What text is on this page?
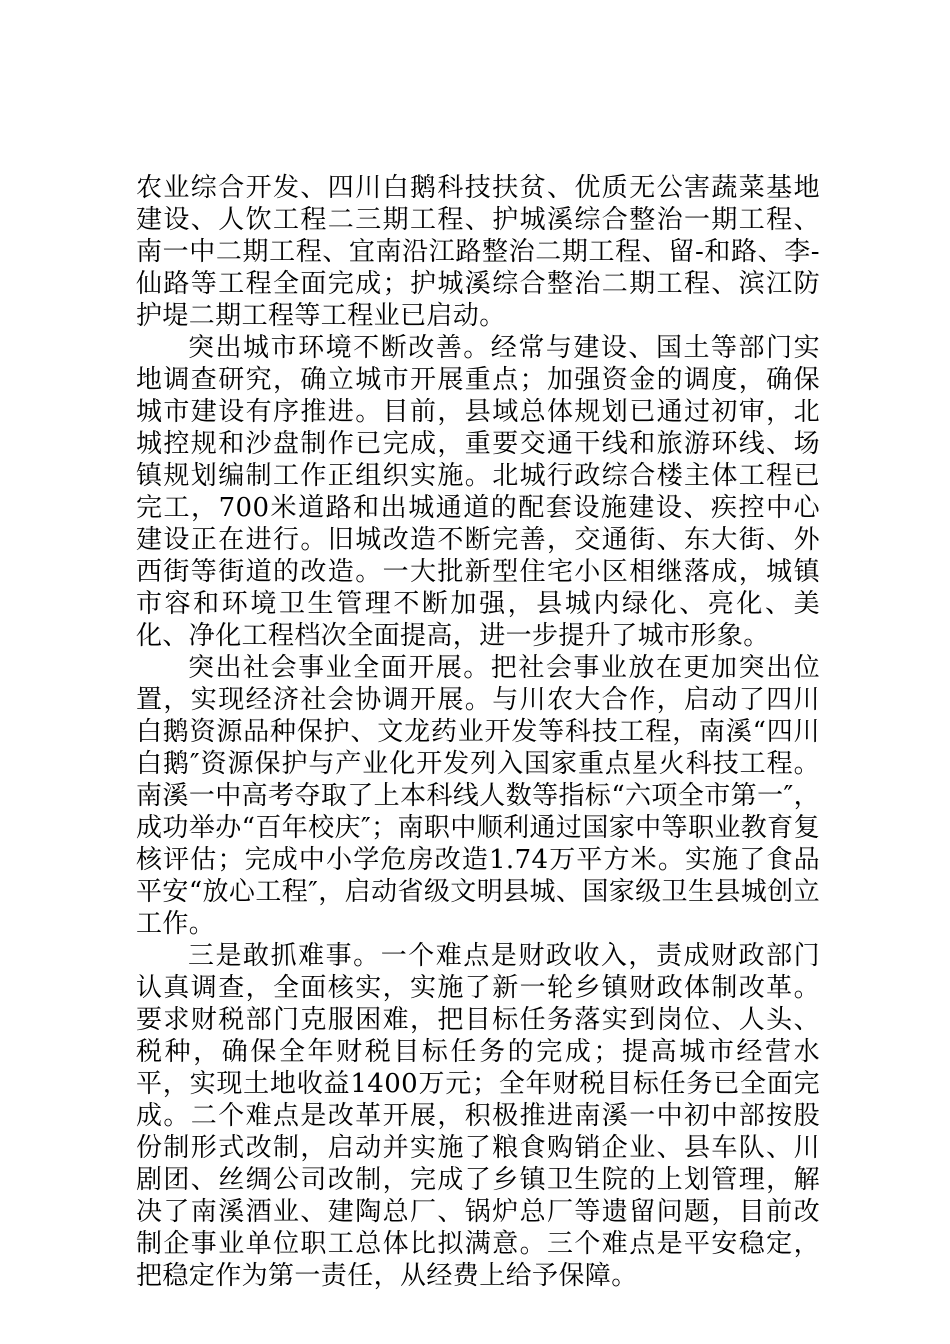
农业综合开发、四川白鹅科技扶贫、优质无公害蔬菜基地建设、人饮工程二三期工程、护城溪综合整治一期工程、南一中二期工程、宜南沿江路整治二期工程、留-和路、李-仙路等工程全面完成；护城溪综合整治二期工程、滨江防护堤二期工程等工程业已启动。

突出城市环境不断改善。经常与建设、国土等部门实地调查研究，确立城市开展重点；加强资金的调度，确保城市建设有序推进。目前，县域总体规划已通过初审，北城控规和沙盘制作已完成，重要交通干线和旅游环线、场镇规划编制工作正组织实施。北城行政综合楼主体工程已完工，700米道路和出城通道的配套设施建设、疾控中心建设正在进行。旧城改造不断完善，交通街、东大街、外西街等街道的改造。一大批新型住宅小区相继落成，城镇市容和环境卫生管理不断加强，县城内绿化、亮化、美化、净化工程档次全面提高，进一步提升了城市形象。

突出社会事业全面开展。把社会事业放在更加突出位置，实现经济社会协调开展。与川农大合作，启动了四川白鹅资源品种保护、文龙药业开发等科技工程，南溪“四川白鹅″资源保护与产业化开发列入国家重点星火科技工程。南溪一中高考夺取了上本科线人数等指标“六项全市第一″，成功举办“百年校庆″；南职中顺利通过国家中等职业教育复核评估；完成中小学危房改造1.74万平方米。实施了食品平安“放心工程″，启动省级文明县城、国家级卫生县城创立工作。

三是敢抓难事。一个难点是财政收入，责成财政部门认真调查，全面核实，实施了新一轮乡镇财政体制改革。要求财税部门克服困难，把目标任务落实到岗位、人头、税种，确保全年财税目标任务的完成；提高城市经营水平，实现土地收益1400万元；全年财税目标任务已全面完成。二个难点是改革开展，积极推进南溪一中初中部按股份制形式改制，启动并实施了粮食购销企业、县车队、川剧团、丝绸公司改制，完成了乡镇卫生院的上划管理，解决了南溪酒业、建陶总厂、锅炉总厂等遗留问题，目前改制企事业单位职工总体比拟满意。三个难点是平安稳定，把稳定作为第一责任，从经费上给予保障。
